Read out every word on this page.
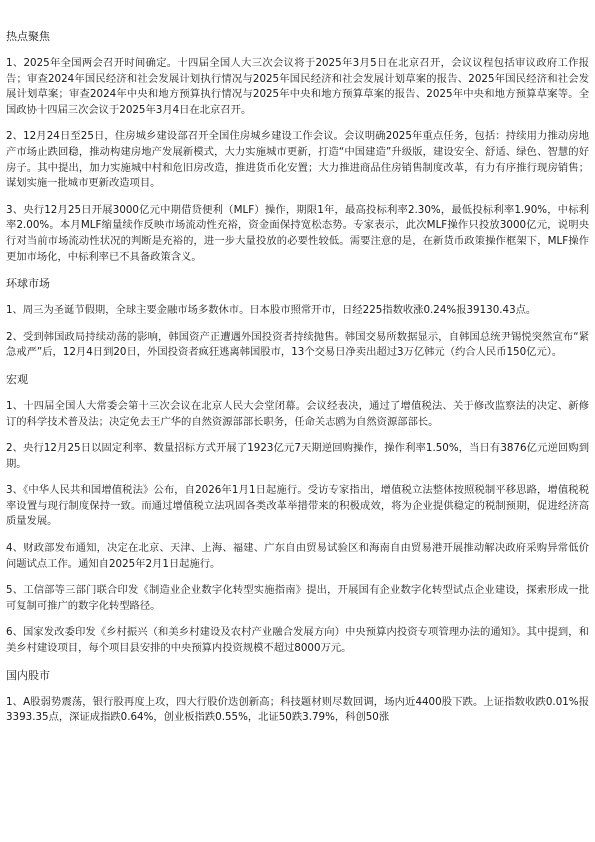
热点聚焦

1、2025年全国两会召开时间确定。十四届全国人大三次会议将于2025年3月5日在北京召开，会议议程包括审议政府工作报告；审查2024年国民经济和社会发展计划执行情况与2025年国民经济和社会发展计划草案的报告、2025年国民经济和社会发展计划草案；审查2024年中央和地方预算执行情况与2025年中央和地方预算草案的报告、2025年中央和地方预算草案等。全国政协十四届三次会议于2025年3月4日在北京召开。

2、12月24日至25日，住房城乡建设部召开全国住房城乡建设工作会议。会议明确2025年重点任务，包括：持续用力推动房地产市场止跌回稳，推动构建房地产发展新模式，大力实施城市更新，打造“中国建造”升级版，建设安全、舒适、绿色、智慧的好房子。其中提出，加力实施城中村和危旧房改造，推进货币化安置；大力推进商品住房销售制度改革，有力有序推行现房销售；谋划实施一批城市更新改造项目。

3、央行12月25日开展3000亿元中期借贷便利（MLF）操作，期限1年，最高投标利率2.30%，最低投标利率1.90%，中标利率2.00%。本月MLF缩量续作反映市场流动性充裕，资金面保持宽松态势。专家表示，此次MLF操作只投放3000亿元，说明央行对当前市场流动性状况的判断是充裕的，进一步大量投放的必要性较低。需要注意的是，在新货币政策操作框架下，MLF操作更加市场化，中标利率已不具备政策含义。

环球市场

1、周三为圣诞节假期，全球主要金融市场多数休市。日本股市照常开市，日经225指数收涨0.24%报39130.43点。

2、受到韩国政局持续动荡的影响，韩国资产正遭遇外国投资者持续抛售。韩国交易所数据显示，自韩国总统尹锡悦突然宣布“紧急戒严”后，12月4日到20日，外国投资者疯狂逃离韩国股市，13个交易日净卖出超过3万亿韩元（约合人民币150亿元）。

宏观

1、十四届全国人大常委会第十三次会议在北京人民大会堂闭幕。会议经表决，通过了增值税法、关于修改监察法的决定、新修订的科学技术普及法；决定免去王广华的自然资源部部长职务，任命关志鸥为自然资源部部长。

2、央行12月25日以固定利率、数量招标方式开展了1923亿元7天期逆回购操作，操作利率1.50%，当日有3876亿元逆回购到期。

3、《中华人民共和国增值税法》公布，自2026年1月1日起施行。受访专家指出，增值税立法整体按照税制平移思路，增值税税率设置与现行制度保持一致。而通过增值税立法巩固各类改革举措带来的积极成效，将为企业提供稳定的税制预期，促进经济高质量发展。

4、财政部发布通知，决定在北京、天津、上海、福建、广东自由贸易试验区和海南自由贸易港开展推动解决政府采购异常低价问题试点工作。通知自2025年2月1日起施行。

5、工信部等三部门联合印发《制造业企业数字化转型实施指南》提出，开展国有企业数字化转型试点企业建设，探索形成一批可复制可推广的数字化转型路径。

6、国家发改委印发《乡村振兴（和美乡村建设及农村产业融合发展方向）中央预算内投资专项管理办法的通知》。其中提到，和美乡村建设项目，每个项目县安排的中央预算内投资规模不超过8000万元。

国内股市

1、A股弱势震荡，银行股再度上攻，四大行股价迭创新高；科技题材则尽数回调，场内近4400股下跌。上证指数收跌0.01%报3393.35点，深证成指跌0.64%，创业板指跌0.55%，北证50跌3.79%，科创50涨
